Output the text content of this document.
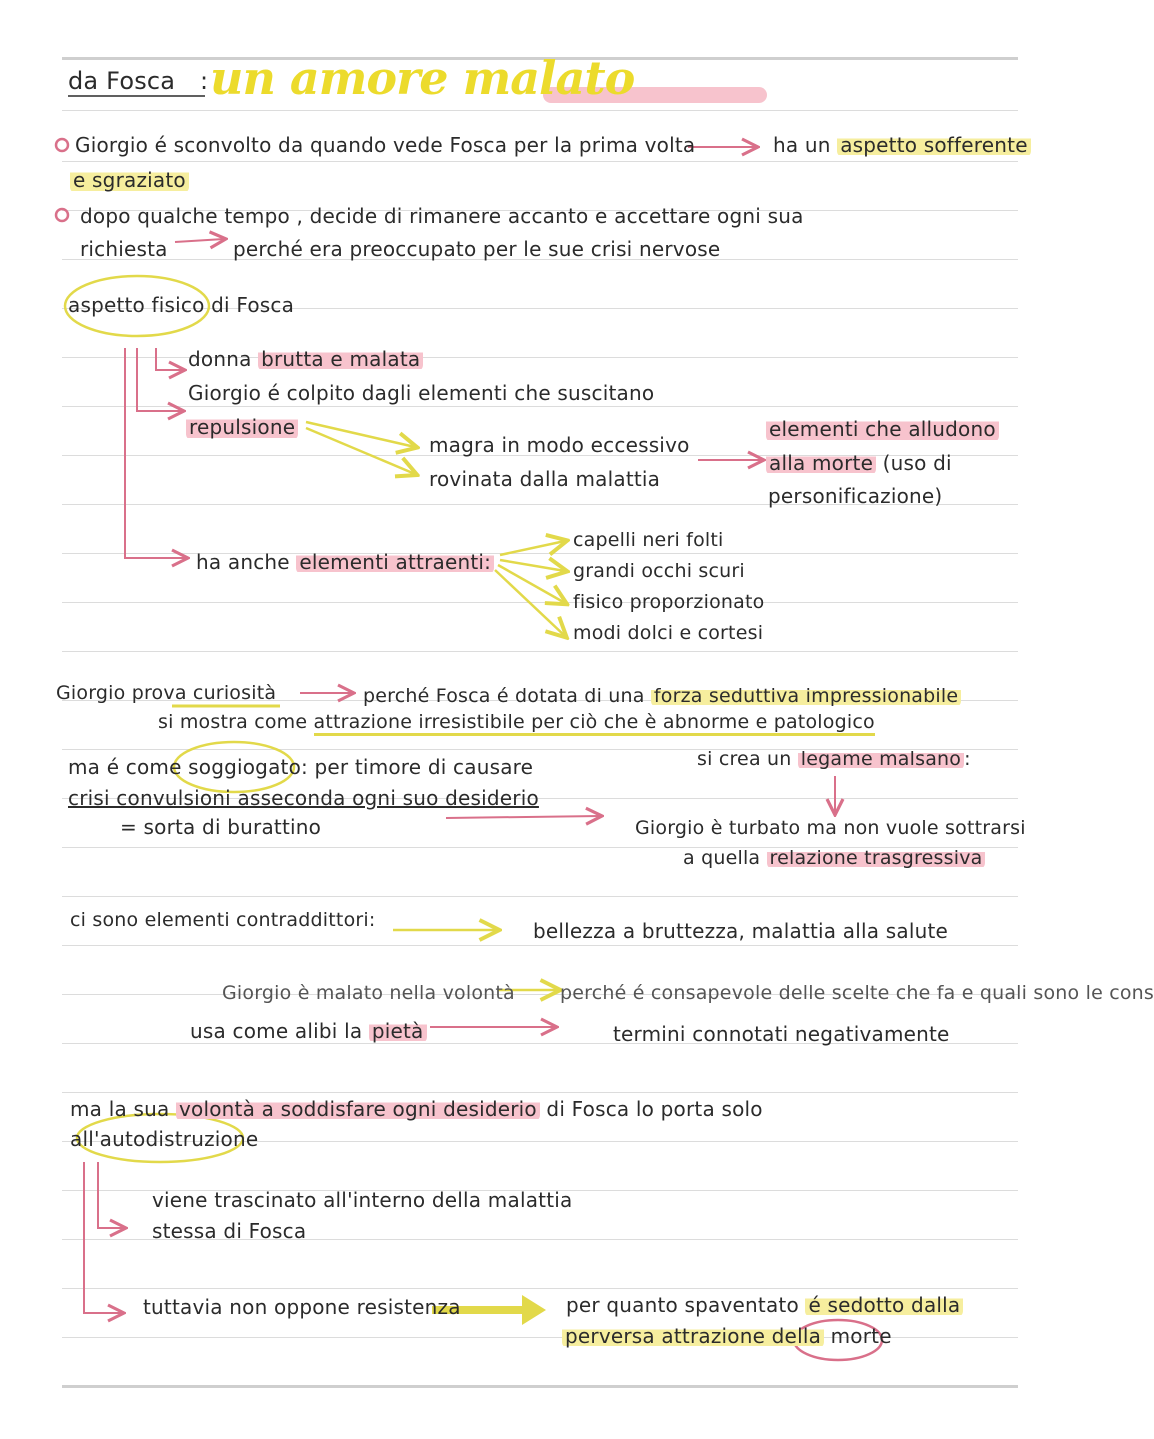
da Fosca : un amore malato
Giorgio é sconvolto da quando vede Fosca per la prima volta	ha un aspetto sofferente
e sgraziato
dopo qualche tempo , decide di rimanere accanto e accettare ogni sua
richiesta	perché era preoccupato per le sue crisi nervose
aspetto fisico di Fosca
donna brutta e malata
Giorgio é colpito dagli elementi che suscitano
repulsione
magra in modo eccessivo
rovinata dalla malattia
elementi che alludono
alla morte (uso di
personificazione)
ha anche elementi attraenti:
capelli neri folti
grandi occhi scuri
fisico proporzionato
modi dolci e cortesi
Giorgio prova curiosità	perché Fosca é dotata di una forza seduttiva impressionabile
si mostra come attrazione irresistibile per ciò che è abnorme e patologico
ma é come soggiogato: per timore di causare
crisi convulsioni asseconda ogni suo desiderio
= sorta di burattino
si crea un legame malsano :
Giorgio è turbato ma non vuole sottrarsi
a quella relazione trasgressiva
ci sono elementi contraddittori:	bellezza a bruttezza, malattia alla salute
Giorgio è malato nella volontà perché é consapevole delle scelte che fa e quali sono le cons
usa come alibi la pietà	termini connotati negativamente
ma la sua volontà a soddisfare ogni desiderio di Fosca lo porta solo
all'autodistruzione
viene trascinato all'interno della malattia
stessa di Fosca
tuttavia non oppone resistenza	per quanto spaventato é sedotto dalla
perversa attrazione della morte
